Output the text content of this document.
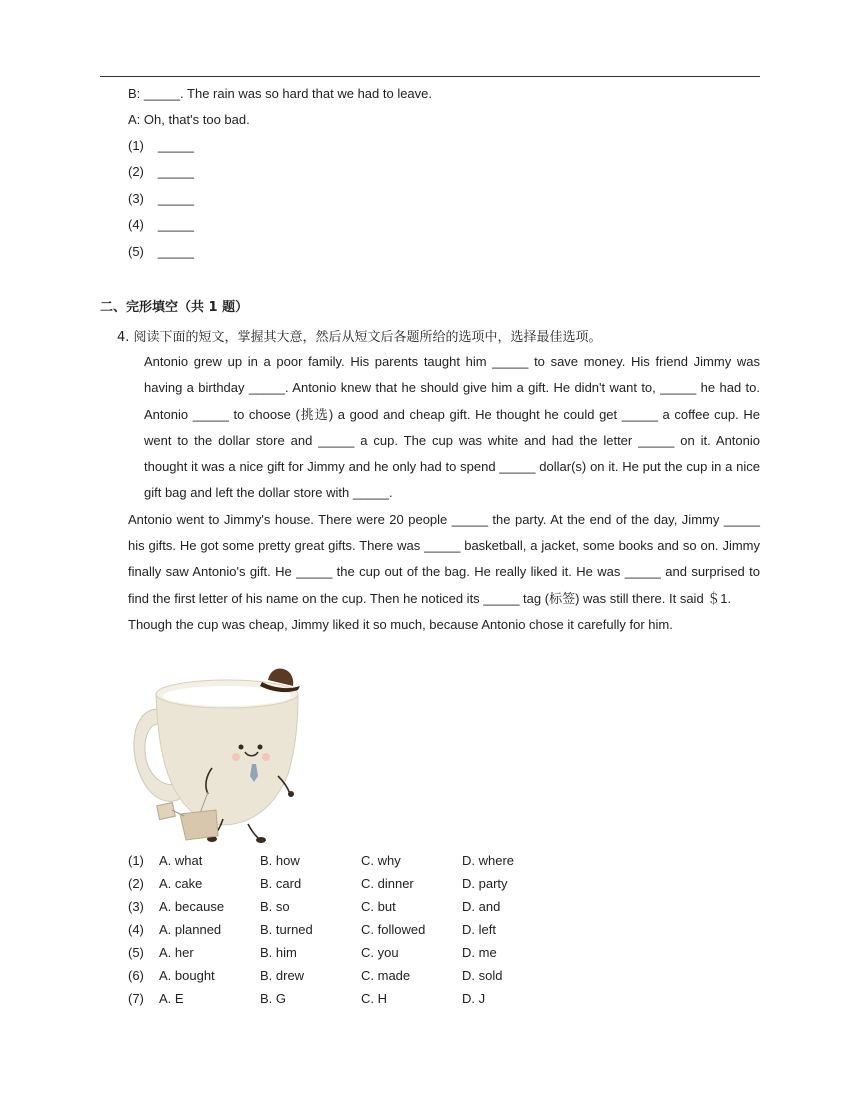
B: _____. The rain was so hard that we had to leave.
A: Oh, that's too bad.
(1) _____
(2) _____
(3) _____
(4) _____
(5) _____
二、完形填空（共 1 题）
4. 阅读下面的短文，掌握其大意，然后从短文后各题所给的选项中，选择最佳选项。

Antonio grew up in a poor family. His parents taught him _____ to save money. His friend Jimmy was having a birthday _____. Antonio knew that he should give him a gift. He didn't want to, _____ he had to. Antonio _____ to choose (挑选) a good and cheap gift. He thought he could get _____ a coffee cup. He went to the dollar store and _____ a cup. The cup was white and had the letter _____ on it. Antonio thought it was a nice gift for Jimmy and he only had to spend _____ dollar(s) on it. He put the cup in a nice gift bag and left the dollar store with _____.

Antonio went to Jimmy's house. There were 20 people _____ the party. At the end of the day, Jimmy _____ his gifts. He got some pretty great gifts. There was _____ basketball, a jacket, some books and so on. Jimmy finally saw Antonio's gift. He _____ the cup out of the bag. He really liked it. He was _____ and surprised to find the first letter of his name on the cup. Then he noticed its _____ tag (标签) was still there. It said ＄1.

Though the cup was cheap, Jimmy liked it so much, because Antonio chose it carefully for him.

(1)	A. what	B. how	C. why	D. where
(2)	A. cake	B. card	C. dinner	D. party
(3)	A. because	B. so	C. but	D. and
(4)	A. planned	B. turned	C. followed	D. left
(5)	A. her	B. him	C. you	D. me
(6)	A. bought	B. drew	C. made	D. sold
(7)	A. E	B. G	C. H	D. J
